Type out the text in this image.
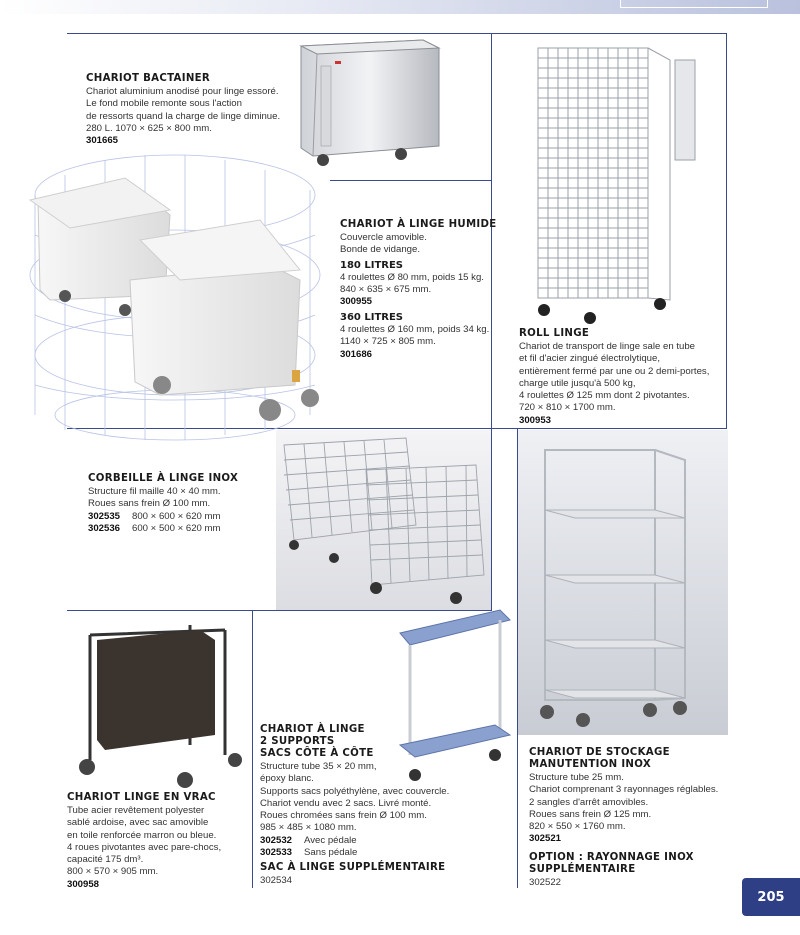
CHARIOT BACTAINER

Chariot aluminium anodisé pour linge essoré.
Le fond mobile remonte sous l'action
de ressorts quand la charge de linge diminue.
280 L. 1070 × 625 × 800 mm.

301665

CHARIOT À LINGE HUMIDE

Couvercle amovible.
Bonde de vidange.

180 LITRES

4 roulettes Ø 80 mm, poids 15 kg.
840 × 635 × 675 mm.

300955

360 LITRES

4 roulettes Ø 160 mm, poids 34 kg.
1140 × 725 × 805 mm.

301686

ROLL LINGE

Chariot de transport de linge sale en tube
et fil d'acier zingué électrolytique,
entièrement fermé par une ou 2 demi-portes,
charge utile jusqu'à 500 kg,
4 roulettes Ø 125 mm dont 2 pivotantes.
720 × 810 × 1700 mm.

300953

CORBEILLE À LINGE INOX

Structure fil maille 40 × 40 mm.
Roues sans frein Ø 100 mm.

302535 800 × 600 × 620 mm

302536 600 × 500 × 620 mm

CHARIOT LINGE EN VRAC

Tube acier revêtement polyester
sablé ardoise, avec sac amovible
en toile renforcée marron ou bleue.
4 roues pivotantes avec pare-chocs,
capacité 175 dm³.
800 × 570 × 905 mm.

300958

CHARIOT À LINGE
2 SUPPORTS
SACS CÔTE À CÔTE

Structure tube 35 × 20 mm,
époxy blanc.
Supports sacs polyéthylène, avec couvercle.
Chariot vendu avec 2 sacs. Livré monté.
Roues chromées sans frein Ø 100 mm.
985 × 485 × 1080 mm.

302532 Avec pédale

302533 Sans pédale

SAC À LINGE SUPPLÉMENTAIRE

302534

CHARIOT DE STOCKAGE
MANUTENTION INOX

Structure tube 25 mm.
Chariot comprenant 3 rayonnages réglables.
2 sangles d'arrêt amovibles.
Roues sans frein Ø 125 mm.
820 × 550 × 1760 mm.

302521

OPTION : RAYONNAGE INOX
SUPPLÉMENTAIRE

302522

205
